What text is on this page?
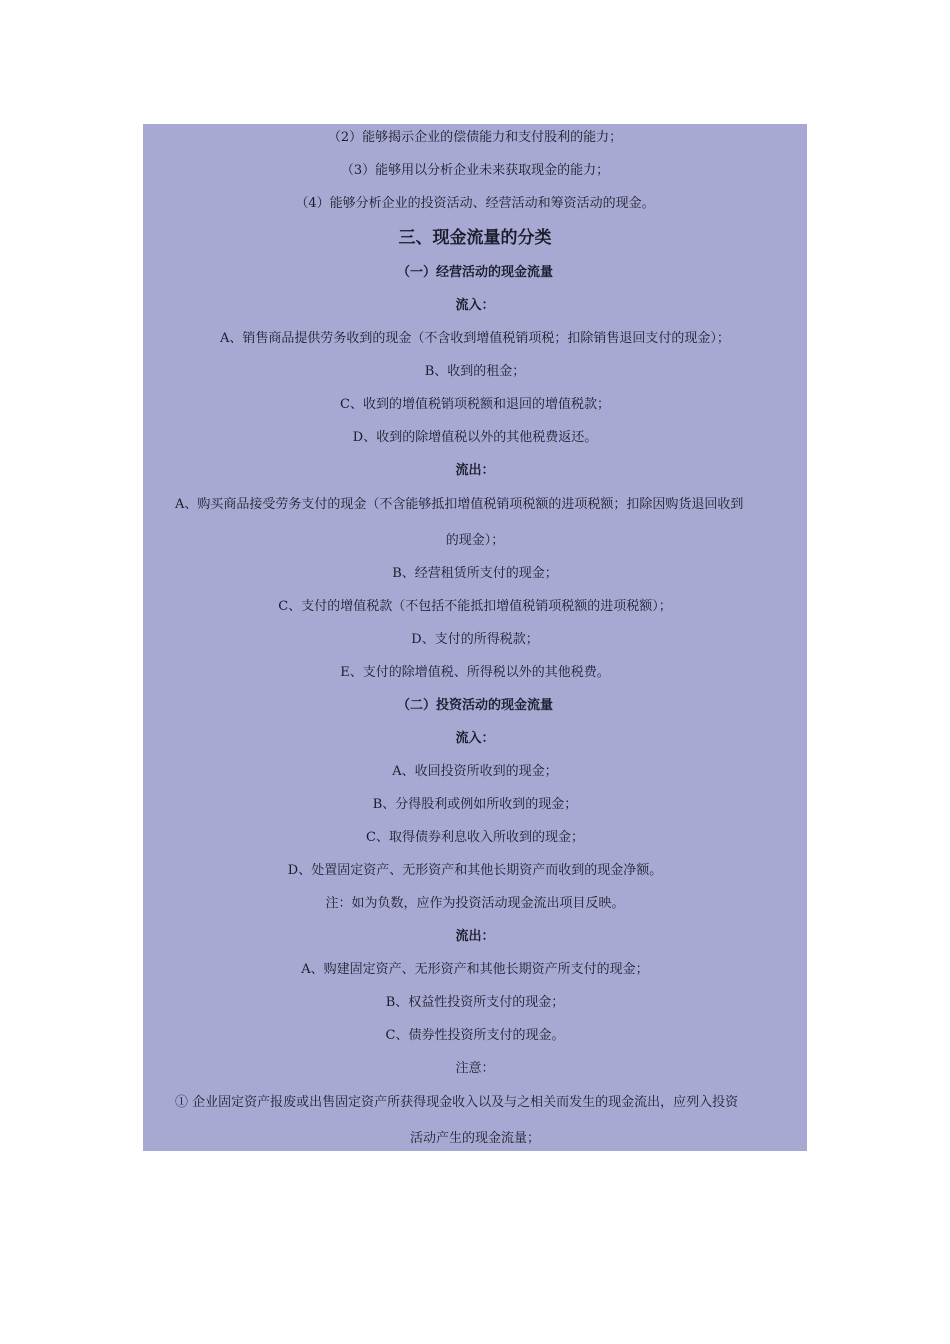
（2）能够揭示企业的偿债能力和支付股利的能力；
（3）能够用以分析企业未来获取现金的能力；
（4）能够分析企业的投资活动、经营活动和筹资活动的现金。
三、现金流量的分类
（一）经营活动的现金流量
流入：
A、销售商品提供劳务收到的现金（不含收到增值税销项税；扣除销售退回支付的现金）；
B、收到的租金；
C、收到的增值税销项税额和退回的增值税款；
D、收到的除增值税以外的其他税费返还。
流出：
A、购买商品接受劳务支付的现金（不含能够抵扣增值税销项税额的进项税额；扣除因购货退回收到
的现金）；
B、经营租赁所支付的现金；
C、支付的增值税款（不包括不能抵扣增值税销项税额的进项税额）；
D、支付的所得税款；
E、支付的除增值税、所得税以外的其他税费。
（二）投资活动的现金流量
流入：
A、收回投资所收到的现金；
B、分得股利或例如所收到的现金；
C、取得债券利息收入所收到的现金；
D、处置固定资产、无形资产和其他长期资产而收到的现金净额。
注：如为负数，应作为投资活动现金流出项目反映。
流出：
A、购建固定资产、无形资产和其他长期资产所支付的现金；
B、权益性投资所支付的现金；
C、债券性投资所支付的现金。
注意：
① 企业固定资产报废或出售固定资产所获得现金收入以及与之相关而发生的现金流出，应列入投资
活动产生的现金流量；
